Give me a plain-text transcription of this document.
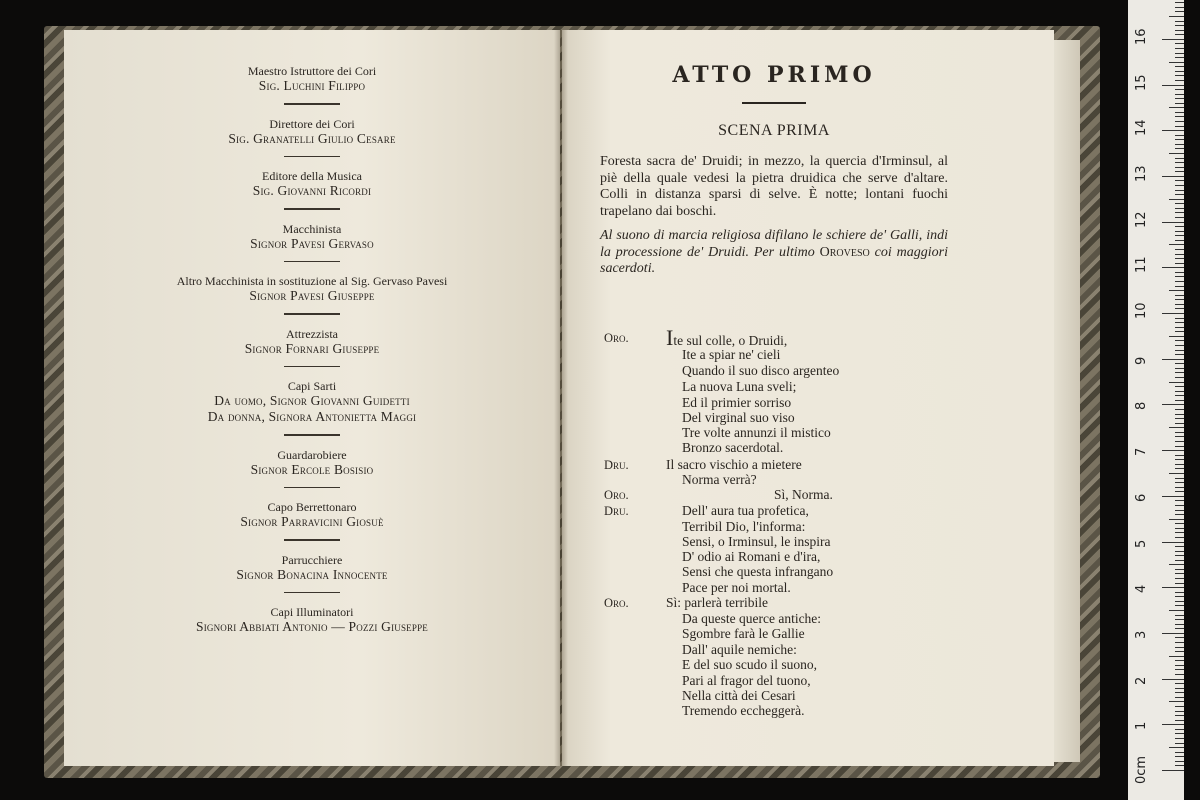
Maestro Istruttore dei Cori
Sig. Luchini Filippo
Direttore dei Cori
Sig. Granatelli Giulio Cesare
Editore della Musica
Sig. Giovanni Ricordi
Macchinista
Signor Pavesi Gervaso
Altro Macchinista in sostituzione al Sig. Gervaso Pavesi
Signor Pavesi Giuseppe
Attrezzista
Signor Fornari Giuseppe
Capi Sarti
Da uomo, Signor Giovanni Guidetti
Da donna, Signora Antonietta Maggi
Guardarobiere
Signor Ercole Bosisio
Capo Berrettonaro
Signor Parravicini Giosuè
Parrucchiere
Signor Bonacina Innocente
Capi Illuminatori
Signori Abbiati Antonio — Pozzi Giuseppe
ATTO PRIMO
SCENA PRIMA
Foresta sacra de' Druidi; in mezzo, la quercia d'Irminsul, al piè della quale vedesi la pietra druidica che serve d'altare. Colli in distanza sparsi di selve. È notte; lontani fuochi trapelano dai boschi.
Al suono di marcia religiosa difilano le schiere de' Galli, indi la processione de' Druidi. Per ultimo Oroveso coi maggiori sacerdoti.
Oro.	Ite sul colle, o Druidi,
Ite a spiar ne' cieli
Quando il suo disco argenteo
La nuova Luna sveli;
Ed il primier sorriso
Del virginal suo viso
Tre volte annunzi il mistico
Bronzo sacerdotal.
Dru.	Il sacro vischio a mietere
Norma verrà?
Oro.	Sì, Norma.
Dru.	Dell' aura tua profetica,
Terribil Dio, l'informa:
Sensi, o Irminsul, le inspira
D' odio ai Romani e d'ira,
Sensi che questa infrangano
Pace per noi mortal.
Oro.	Sì: parlerà terribile
Da queste querce antiche:
Sgombre farà le Gallie
Dall' aquile nemiche:
E del suo scudo il suono,
Pari al fragor del tuono,
Nella città dei Cesari
Tremendo eccheggerà.
0cm
1
2
3
4
5
6
7
8
9
10
11
12
13
14
15
16
